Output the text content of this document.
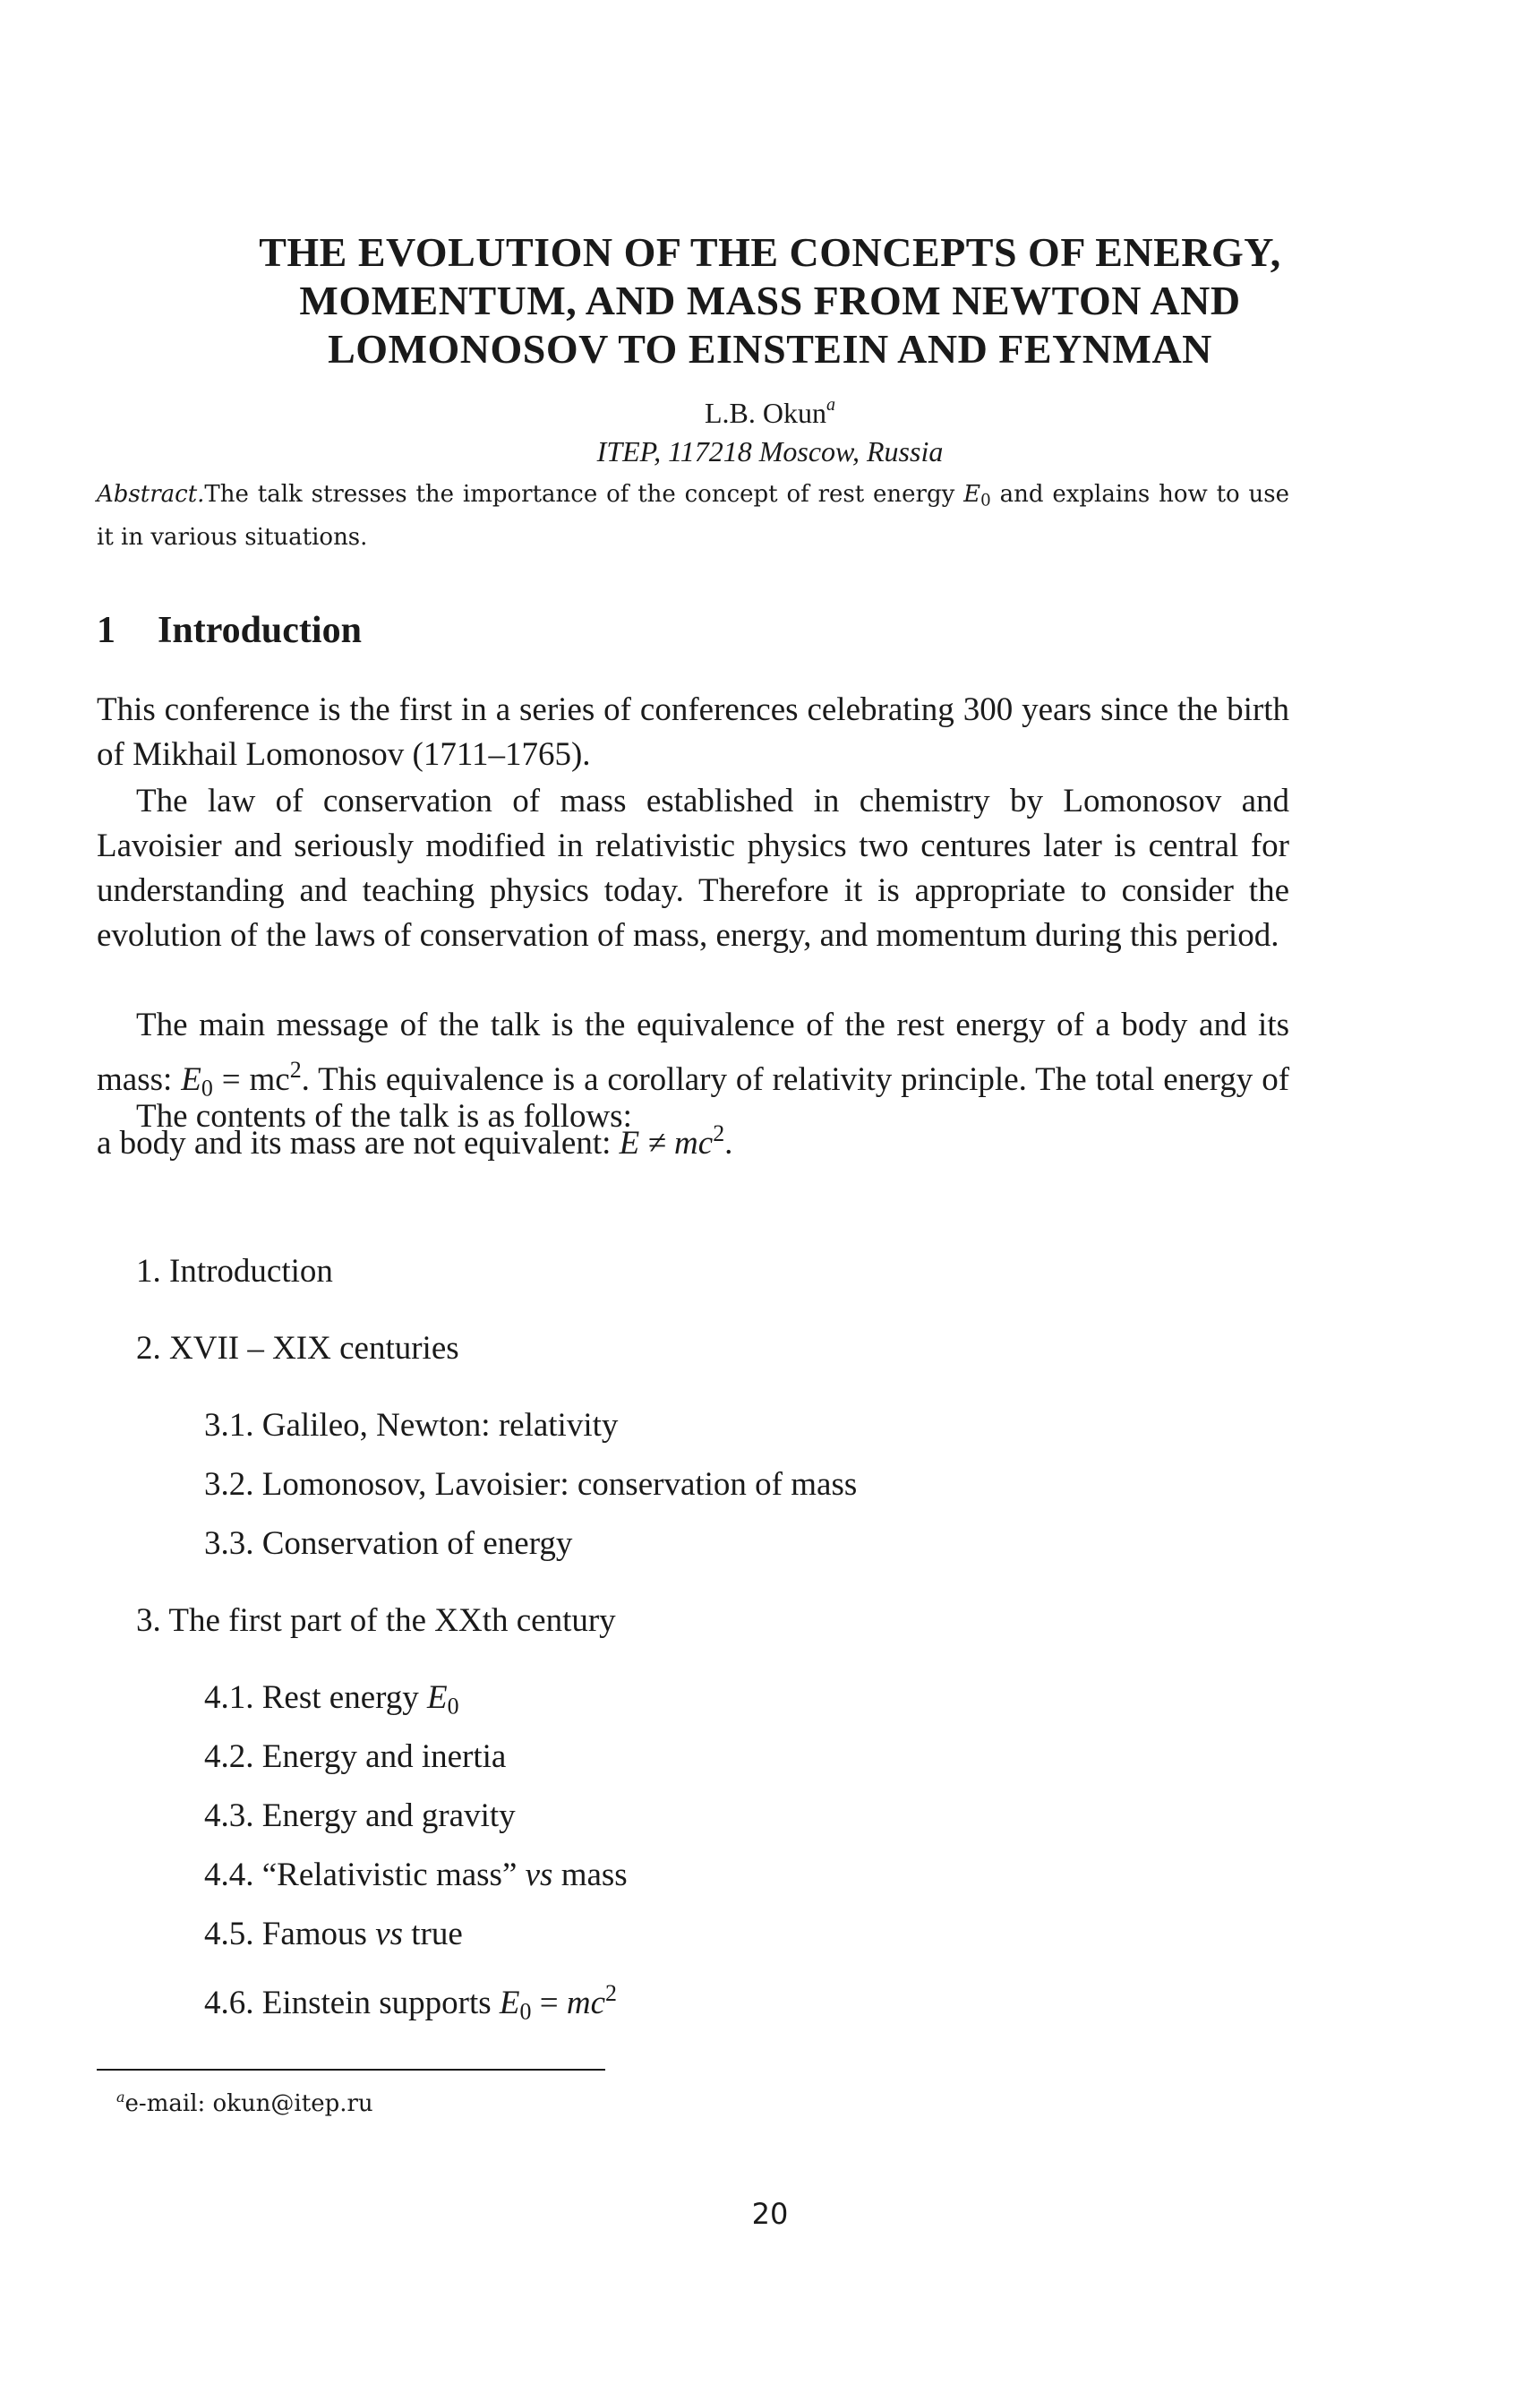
THE EVOLUTION OF THE CONCEPTS OF ENERGY,
MOMENTUM, AND MASS FROM NEWTON AND
LOMONOSOV TO EINSTEIN AND FEYNMAN
L.B. Okun$^a$
ITEP, 117218 Moscow, Russia
Abstract.The talk stresses the importance of the concept of rest energy $E_0$ and explains how to use it in various situations.
1 Introduction

This conference is the first in a series of conferences celebrating 300 years since the birth of Mikhail Lomonosov (1711–1765).

The law of conservation of mass established in chemistry by Lomonosov and Lavoisier and seriously modified in relativistic physics two centures later is central for understanding and teaching physics today. Therefore it is appropriate to consider the evolution of the laws of conservation of mass, energy, and momentum during this period.

The main message of the talk is the equivalence of the rest energy of a body and its mass: $E_0 = mc^2$. This equivalence is a corollary of relativity principle. The total energy of a body and its mass are not equivalent: $E \ne mc^2$.

The contents of the talk is as follows:

1. Introduction
2. XVII – XIX centuries
3.1. Galileo, Newton: relativity
3.2. Lomonosov, Lavoisier: conservation of mass
3.3. Conservation of energy
3. The first part of the XXth century
4.1. Rest energy $E_0$
4.2. Energy and inertia
4.3. Energy and gravity
4.4. “Relativistic mass” vs mass
4.5. Famous vs true
4.6. Einstein supports $E_0 = mc^2$
$^a$e-mail: okun@itep.ru
20
